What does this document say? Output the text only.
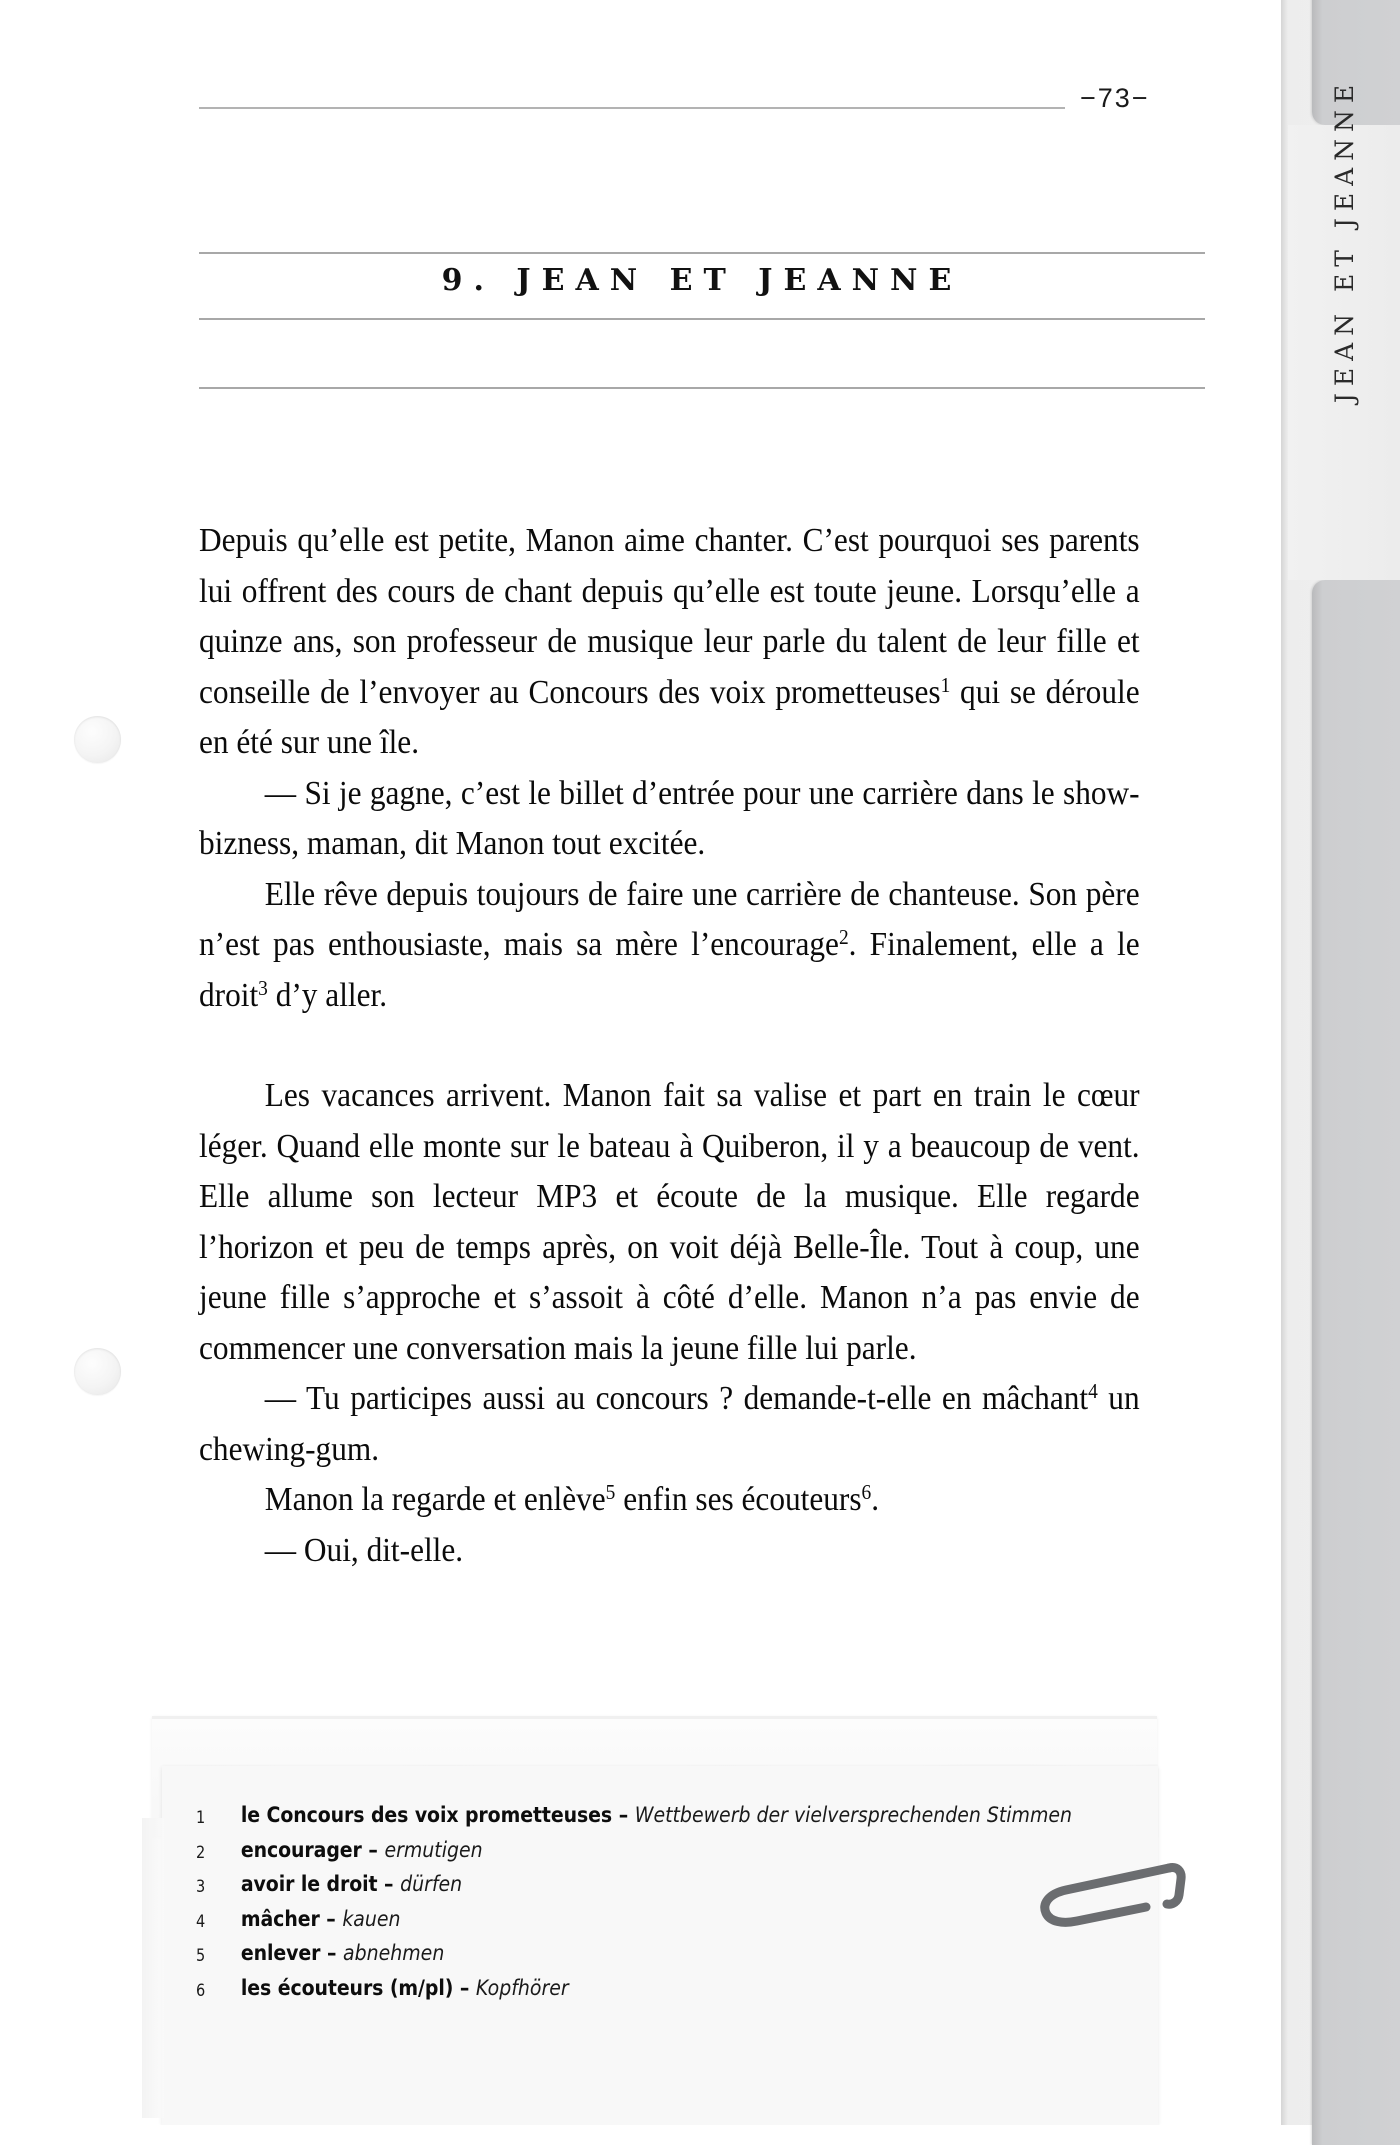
−73−
9. JEAN ET JEANNE

Depuis qu’elle est petite, Manon aime chanter. C’est pourquoi ses parents lui offrent des cours de chant depuis qu’elle est toute jeune. Lorsqu’elle a quinze ans, son professeur de musique leur parle du talent de leur fille et conseille de l’envoyer au Concours des voix prometteuses$^1$ qui se déroule en été sur une île.

— Si je gagne, c’est le billet d’entrée pour une carrière dans le show-bizness, maman, dit Manon tout excitée.

Elle rêve depuis toujours de faire une carrière de chanteuse. Son père n’est pas enthousiaste, mais sa mère l’encourage$^2$. Finalement, elle a le droit$^3$ d’y aller.

Les vacances arrivent. Manon fait sa valise et part en train le cœur léger. Quand elle monte sur le bateau à Quiberon, il y a beaucoup de vent. Elle allume son lecteur MP3 et écoute de la musique. Elle regarde l’horizon et peu de temps après, on voit déjà Belle-Île. Tout à coup, une jeune fille s’approche et s’assoit à côté d’elle. Manon n’a pas envie de commencer une conversation mais la jeune fille lui parle.

— Tu participes aussi au concours ? demande-t-elle en mâchant$^4$ un chewing-gum.

Manon la regarde et enlève$^5$ enfin ses écouteurs$^6$.

— Oui, dit-elle.

1	le Concours des voix prometteuses – Wettbewerb der vielversprechenden Stimmen
2	encourager – ermutigen
3	avoir le droit – dürfen
4	mâcher – kauen
5	enlever – abnehmen
6	les écouteurs (m/pl) – Kopfhörer
JEAN ET JEANNE
